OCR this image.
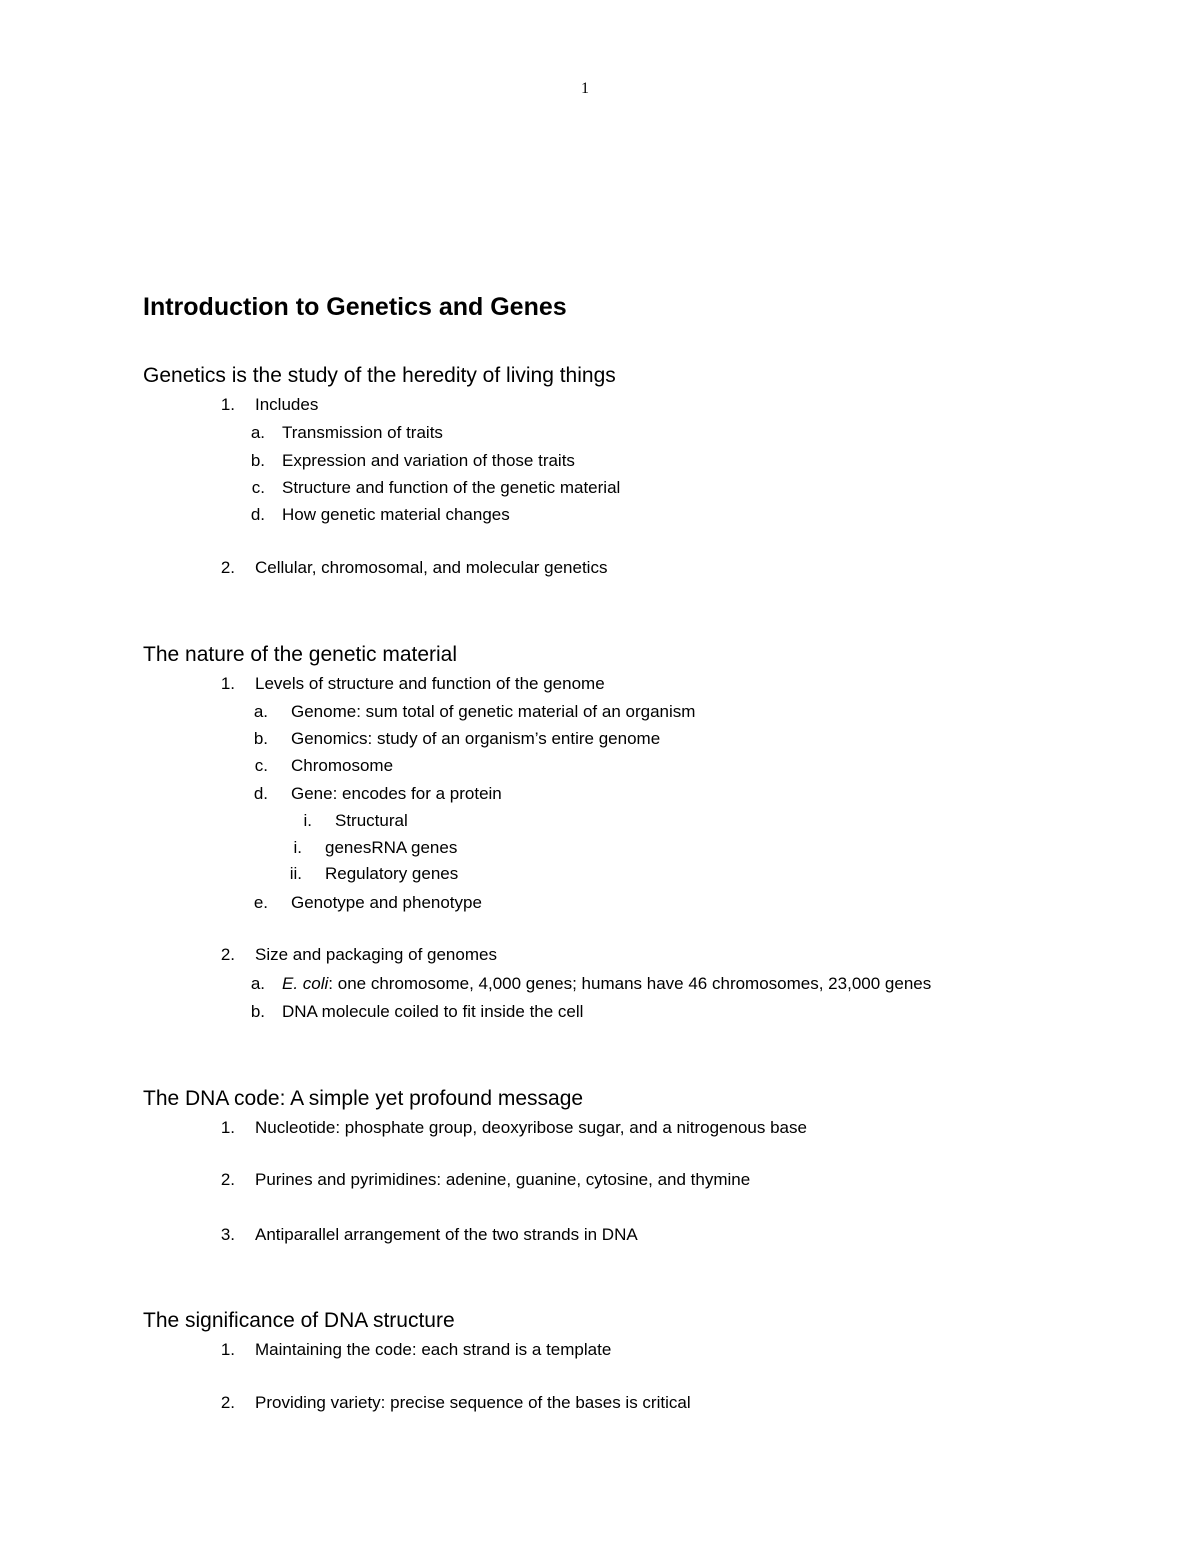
1
Introduction to Genetics and Genes
Genetics is the study of the heredity of living things
1. Includes
a. Transmission of traits
b. Expression and variation of those traits
c. Structure and function of the genetic material
d. How genetic material changes
2. Cellular, chromosomal, and molecular genetics
The nature of the genetic material
1. Levels of structure and function of the genome
a. Genome: sum total of genetic material of an organism
b. Genomics: study of an organism’s entire genome
c. Chromosome
d. Gene: encodes for a protein
i. Structural
i. genesRNA genes
ii. Regulatory genes
e. Genotype and phenotype
2. Size and packaging of genomes
a. E. coli: one chromosome, 4,000 genes; humans have 46 chromosomes, 23,000 genes
b. DNA molecule coiled to fit inside the cell
The DNA code: A simple yet profound message
1. Nucleotide: phosphate group, deoxyribose sugar, and a nitrogenous base
2. Purines and pyrimidines: adenine, guanine, cytosine, and thymine
3. Antiparallel arrangement of the two strands in DNA
The significance of DNA structure
1. Maintaining the code: each strand is a template
2. Providing variety: precise sequence of the bases is critical
